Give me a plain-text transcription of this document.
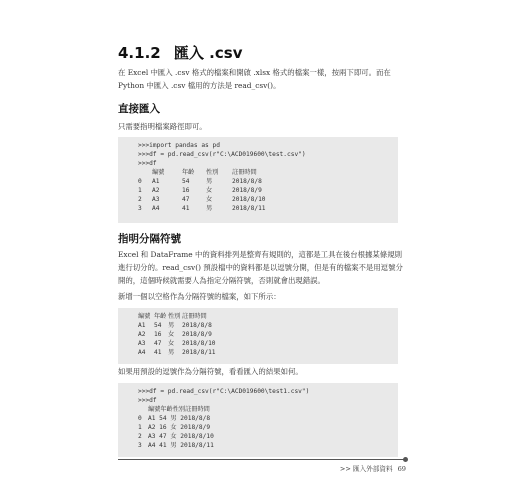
4.1.2 匯入 .csv
在 Excel 中匯入 .csv 格式的檔案和開啟 .xlsx 格式的檔案一樣，按兩下即可。而在 Python 中匯入 .csv 檔用的方法是 read_csv()。
直接匯入
只需要指明檔案路徑即可。
>>>import pandas as pd
>>>df = pd.read_csv(r"C:\ACD019600\test.csv")
>>>df
	編號	年齡	性別	註冊時間
0	A1	54	男	2018/8/8
1	A2	16	女	2018/8/9
2	A3	47	女	2018/8/10
3	A4	41	男	2018/8/11
指明分隔符號
Excel 和 DataFrame 中的資料排列是整齊有規則的，這都是工具在後台根據某條規則進行切分的。read_csv() 預設檔中的資料都是以逗號分開，但是有的檔案不是用逗號分開的，這個時候就需要人為指定分隔符號，否則就會出現錯誤。
新增一個以空格作為分隔符號的檔案，如下所示：
編號	年齡	性別	註冊時間
A1	54	男	2018/8/8
A2	16	女	2018/8/9
A3	47	女	2018/8/10
A4	41	男	2018/8/11
如果用預設的逗號作為分隔符號，看看匯入的結果如何。
>>>df = pd.read_csv(r"C:\ACD019600\test1.csv")
>>>df
	編號年齡性別註冊時間
0	A1 54 男 2018/8/8
1	A2 16 女 2018/8/9
2	A3 47 女 2018/8/10
3	A4 41 男 2018/8/11
>> 匯入外部資料 69
